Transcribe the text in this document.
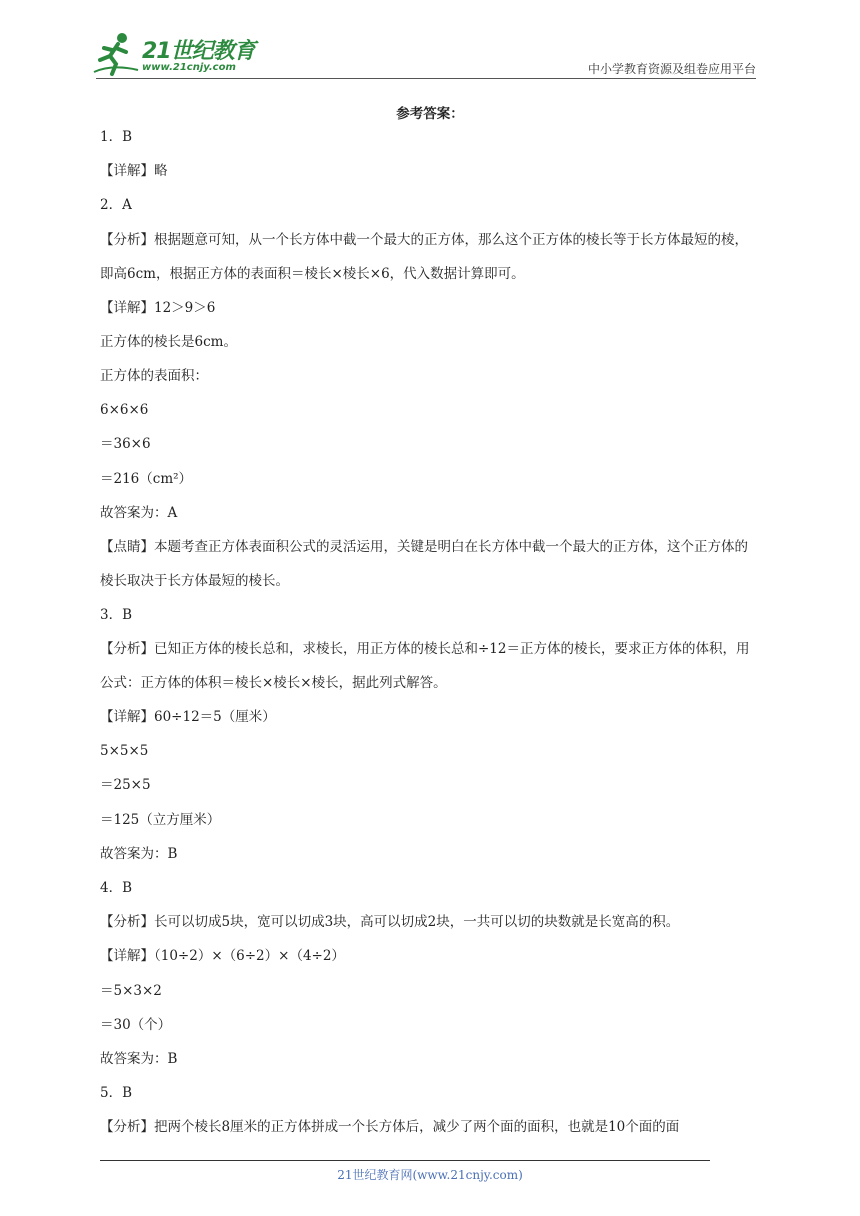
21世纪教育
www.21cnjy.com	中小学教育资源及组卷应用平台
参考答案：
1．B
【详解】略
2．A
【分析】根据题意可知，从一个长方体中截一个最大的正方体，那么这个正方体的棱长等于长方体最短的棱，即高6cm，根据正方体的表面积＝棱长×棱长×6，代入数据计算即可。
【详解】12＞9＞6
正方体的棱长是6cm。
正方体的表面积：
6×6×6
＝36×6
＝216（cm²）
故答案为：A
【点睛】本题考查正方体表面积公式的灵活运用，关键是明白在长方体中截一个最大的正方体，这个正方体的棱长取决于长方体最短的棱长。
3．B
【分析】已知正方体的棱长总和，求棱长，用正方体的棱长总和÷12＝正方体的棱长，要求正方体的体积，用公式：正方体的体积＝棱长×棱长×棱长，据此列式解答。
【详解】60÷12＝5（厘米）
5×5×5
＝25×5
＝125（立方厘米）
故答案为：B
4．B
【分析】长可以切成5块，宽可以切成3块，高可以切成2块，一共可以切的块数就是长宽高的积。
【详解】（10÷2）×（6÷2）×（4÷2）
＝5×3×2
＝30（个）
故答案为：B
5．B
【分析】把两个棱长8厘米的正方体拼成一个长方体后，减少了两个面的面积，也就是10个面的面
21世纪教育网(www.21cnjy.com)
